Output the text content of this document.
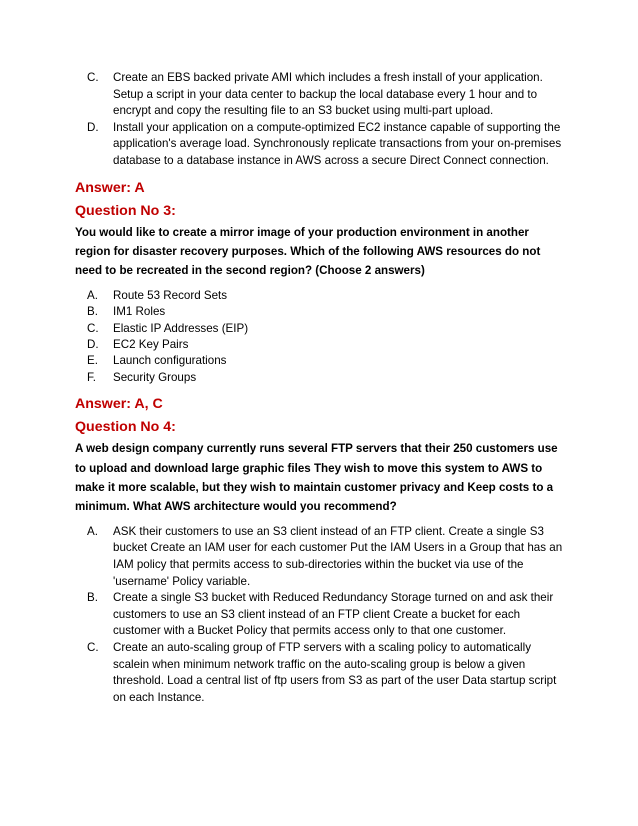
C. Create an EBS backed private AMI which includes a fresh install of your application. Setup a script in your data center to backup the local database every 1 hour and to encrypt and copy the resulting file to an S3 bucket using multi-part upload.
D. Install your application on a compute-optimized EC2 instance capable of supporting the application's average load. Synchronously replicate transactions from your on-premises database to a database instance in AWS across a secure Direct Connect connection.
Answer: A
Question No 3:
You would like to create a mirror image of your production environment in another region for disaster recovery purposes. Which of the following AWS resources do not need to be recreated in the second region? (Choose 2 answers)
A. Route 53 Record Sets
B. IM1 Roles
C. Elastic IP Addresses (EIP)
D. EC2 Key Pairs
E. Launch configurations
F. Security Groups
Answer: A, C
Question No 4:
A web design company currently runs several FTP servers that their 250 customers use to upload and download large graphic files They wish to move this system to AWS to make it more scalable, but they wish to maintain customer privacy and Keep costs to a minimum. What AWS architecture would you recommend?
A. ASK their customers to use an S3 client instead of an FTP client. Create a single S3 bucket Create an IAM user for each customer Put the IAM Users in a Group that has an IAM policy that permits access to sub-directories within the bucket via use of the 'username' Policy variable.
B. Create a single S3 bucket with Reduced Redundancy Storage turned on and ask their customers to use an S3 client instead of an FTP client Create a bucket for each customer with a Bucket Policy that permits access only to that one customer.
C. Create an auto-scaling group of FTP servers with a scaling policy to automatically scalein when minimum network traffic on the auto-scaling group is below a given threshold. Load a central list of ftp users from S3 as part of the user Data startup script on each Instance.
